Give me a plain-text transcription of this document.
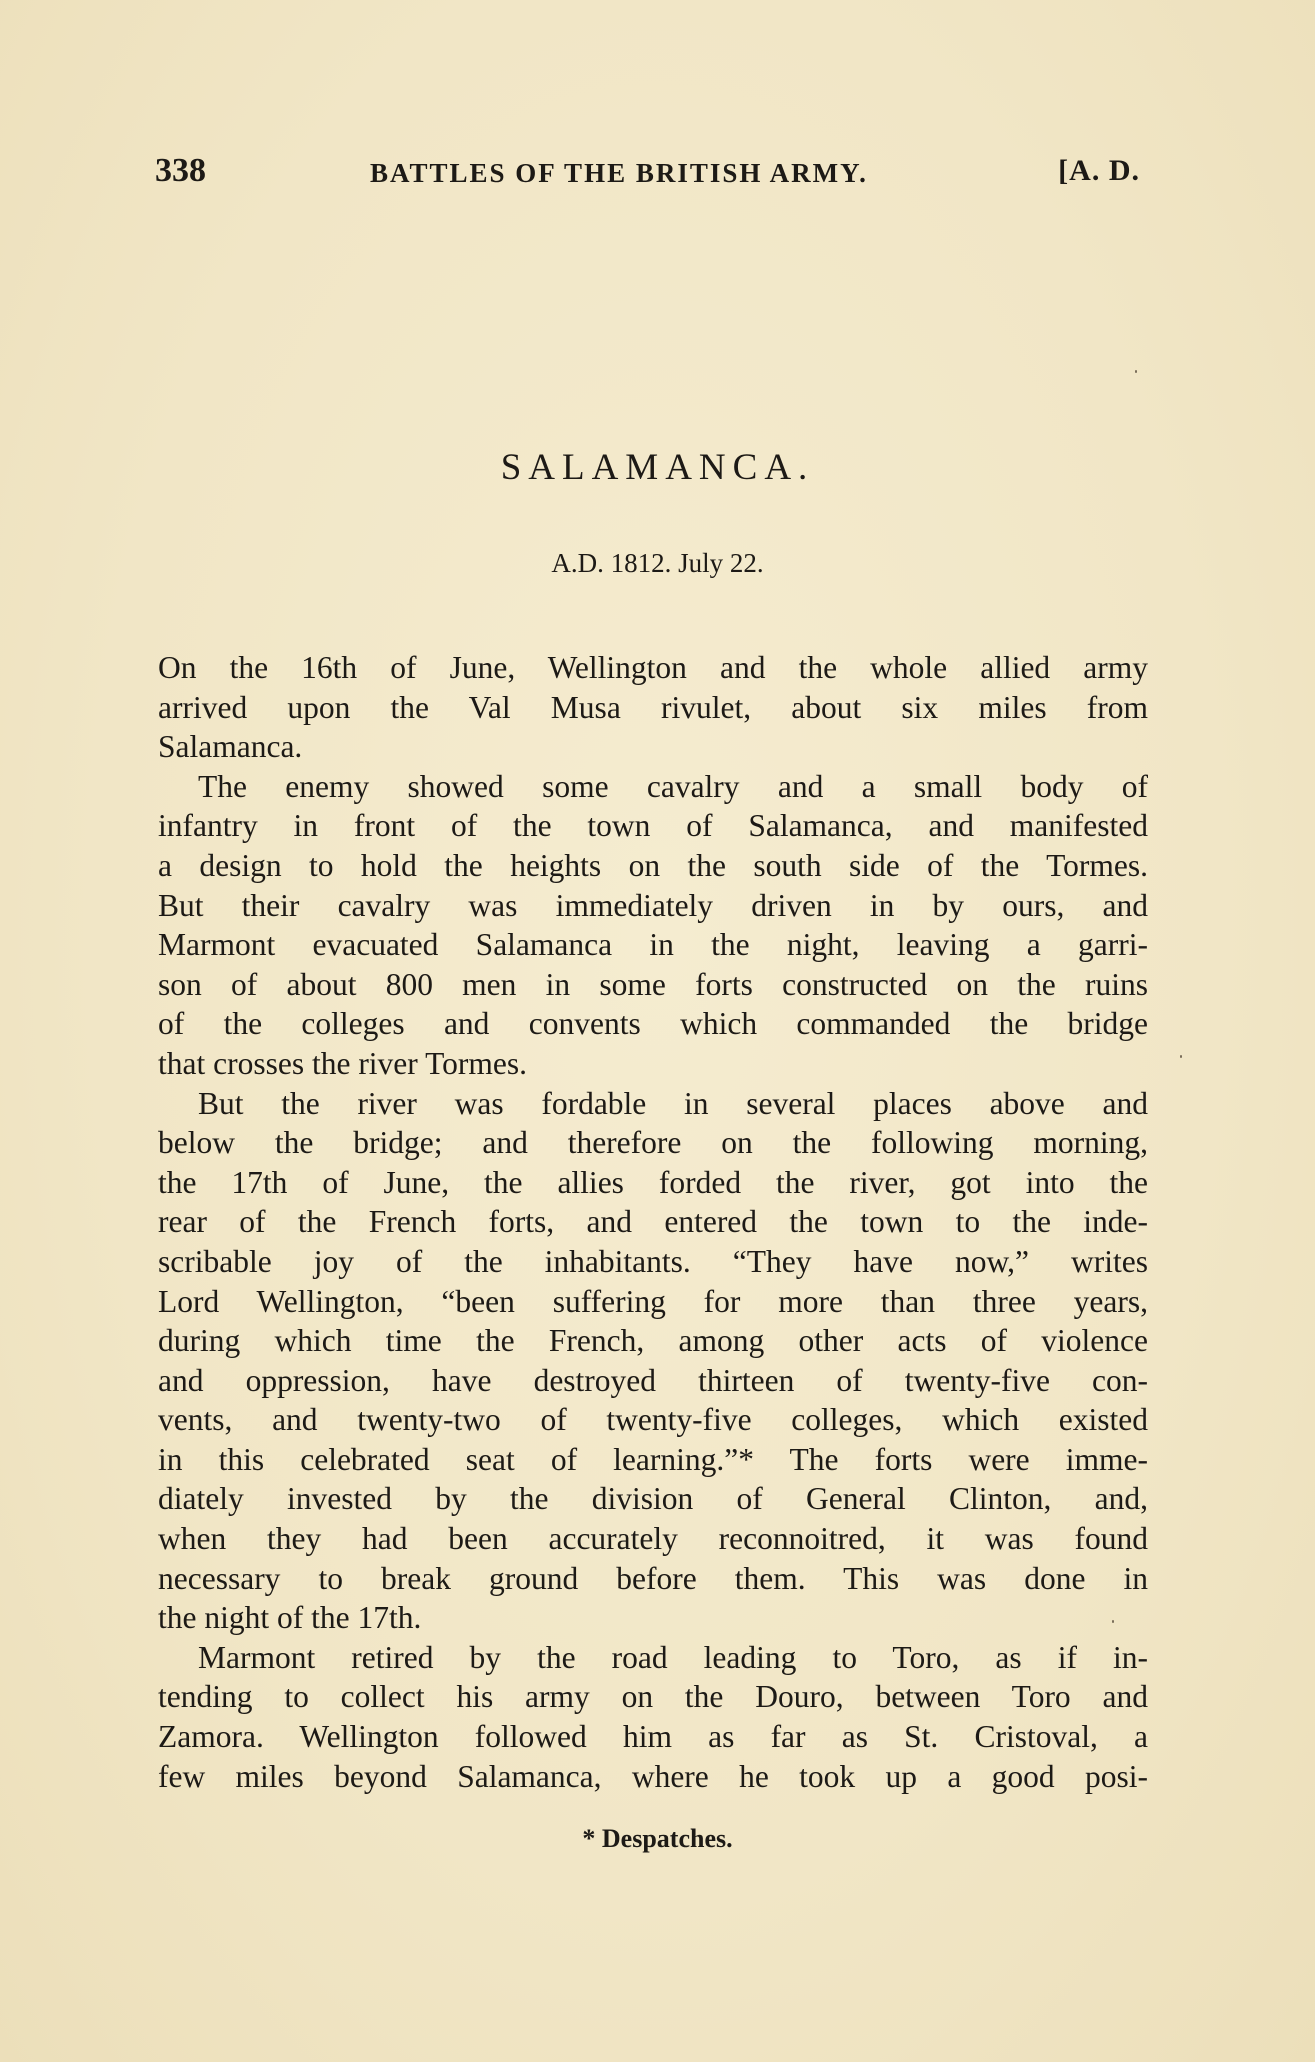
338	BATTLES OF THE BRITISH ARMY.	[A. D.
SALAMANCA.
A.D. 1812. July 22.
On the 16th of June, Wellington and the whole allied army
arrived upon the Val Musa rivulet, about six miles from
Salamanca.
The enemy showed some cavalry and a small body of
infantry in front of the town of Salamanca, and manifested
a design to hold the heights on the south side of the Tormes.
But their cavalry was immediately driven in by ours, and
Marmont evacuated Salamanca in the night, leaving a garri-
son of about 800 men in some forts constructed on the ruins
of the colleges and convents which commanded the bridge
that crosses the river Tormes.
But the river was fordable in several places above and
below the bridge; and therefore on the following morning,
the 17th of June, the allies forded the river, got into the
rear of the French forts, and entered the town to the inde-
scribable joy of the inhabitants. “They have now,” writes
Lord Wellington, “been suffering for more than three years,
during which time the French, among other acts of violence
and oppression, have destroyed thirteen of twenty-five con-
vents, and twenty-two of twenty-five colleges, which existed
in this celebrated seat of learning.”* The forts were imme-
diately invested by the division of General Clinton, and,
when they had been accurately reconnoitred, it was found
necessary to break ground before them. This was done in
the night of the 17th.
Marmont retired by the road leading to Toro, as if in-
tending to collect his army on the Douro, between Toro and
Zamora. Wellington followed him as far as St. Cristoval, a
few miles beyond Salamanca, where he took up a good posi-
* Despatches.
